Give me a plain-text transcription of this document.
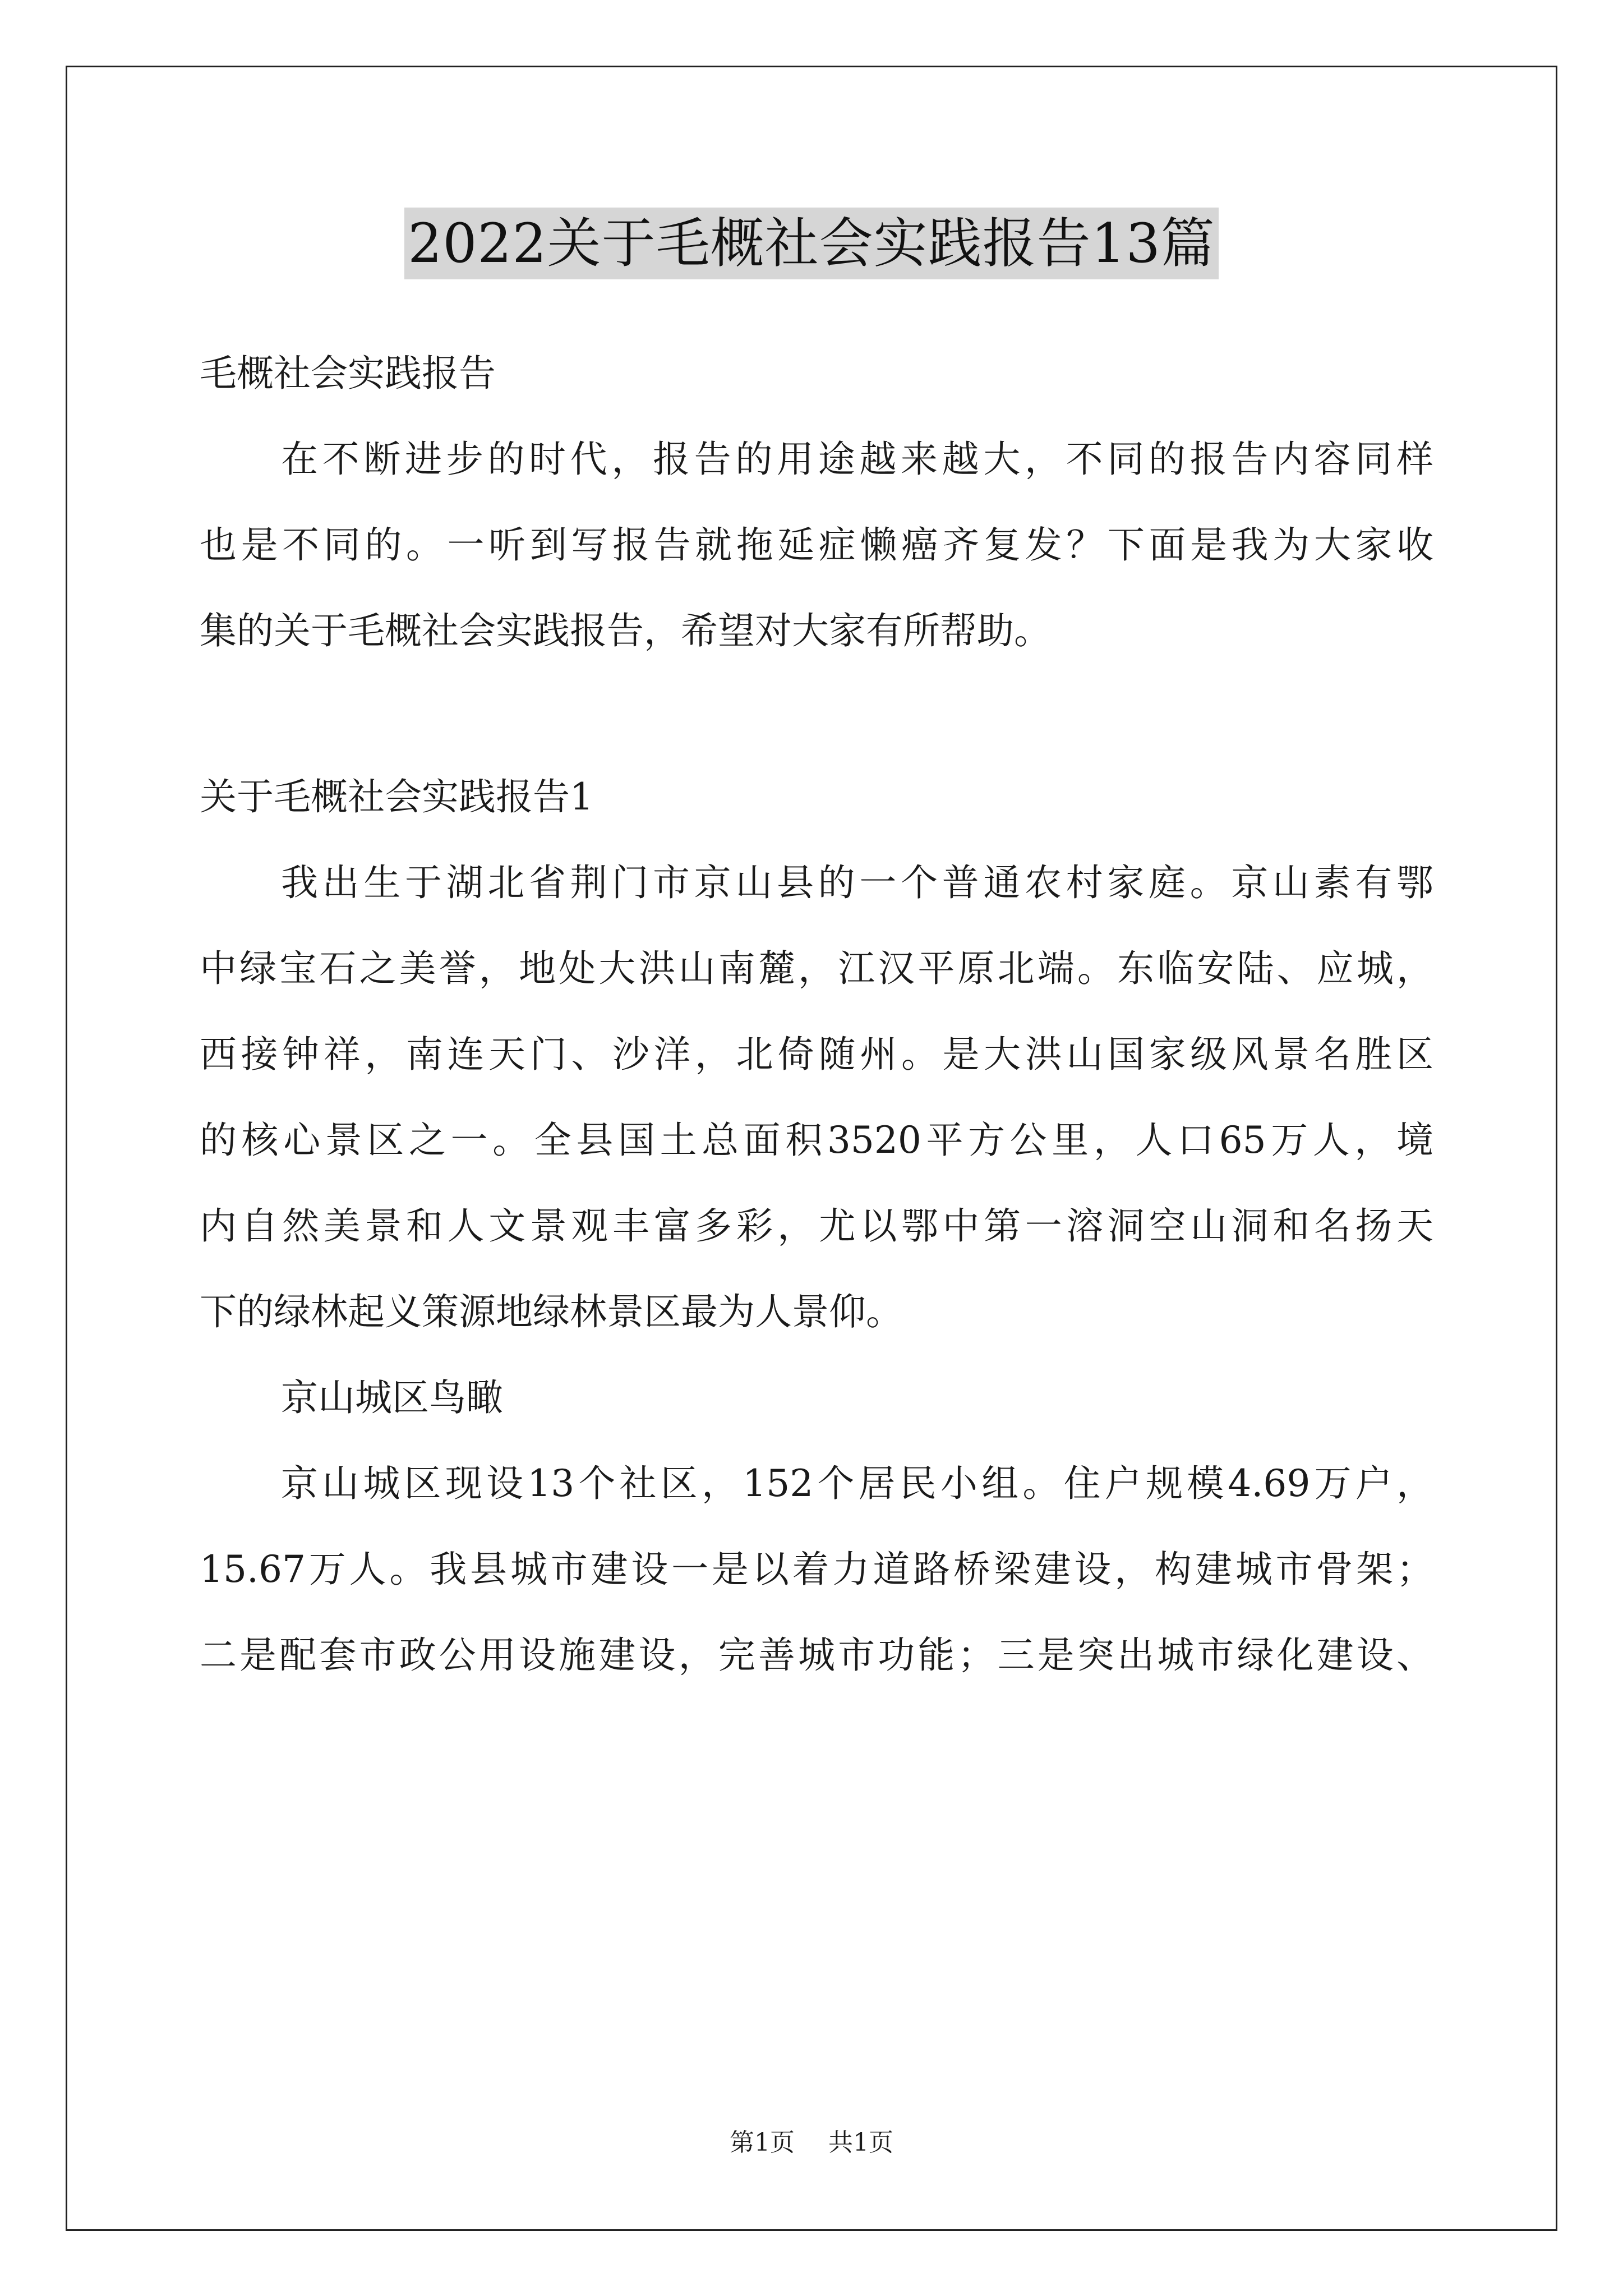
2022关于毛概社会实践报告13篇
毛概社会实践报告
在不断进步的时代，报告的用途越来越大，不同的报告内容同样
也是不同的。一听到写报告就拖延症懒癌齐复发？下面是我为大家收
集的关于毛概社会实践报告，希望对大家有所帮助。
关于毛概社会实践报告1
我出生于湖北省荆门市京山县的一个普通农村家庭。京山素有鄂
中绿宝石之美誉，地处大洪山南麓，江汉平原北端。东临安陆、应城，
西接钟祥，南连天门、沙洋，北倚随州。是大洪山国家级风景名胜区
的核心景区之一。全县国土总面积3520平方公里，人口65万人，境
内自然美景和人文景观丰富多彩，尤以鄂中第一溶洞空山洞和名扬天
下的绿林起义策源地绿林景区最为人景仰。
京山城区鸟瞰
京山城区现设13个社区，152个居民小组。住户规模4.69万户，
15.67万人。我县城市建设一是以着力道路桥梁建设，构建城市骨架；
二是配套市政公用设施建设，完善城市功能；三是突出城市绿化建设、
第1页 共1页
